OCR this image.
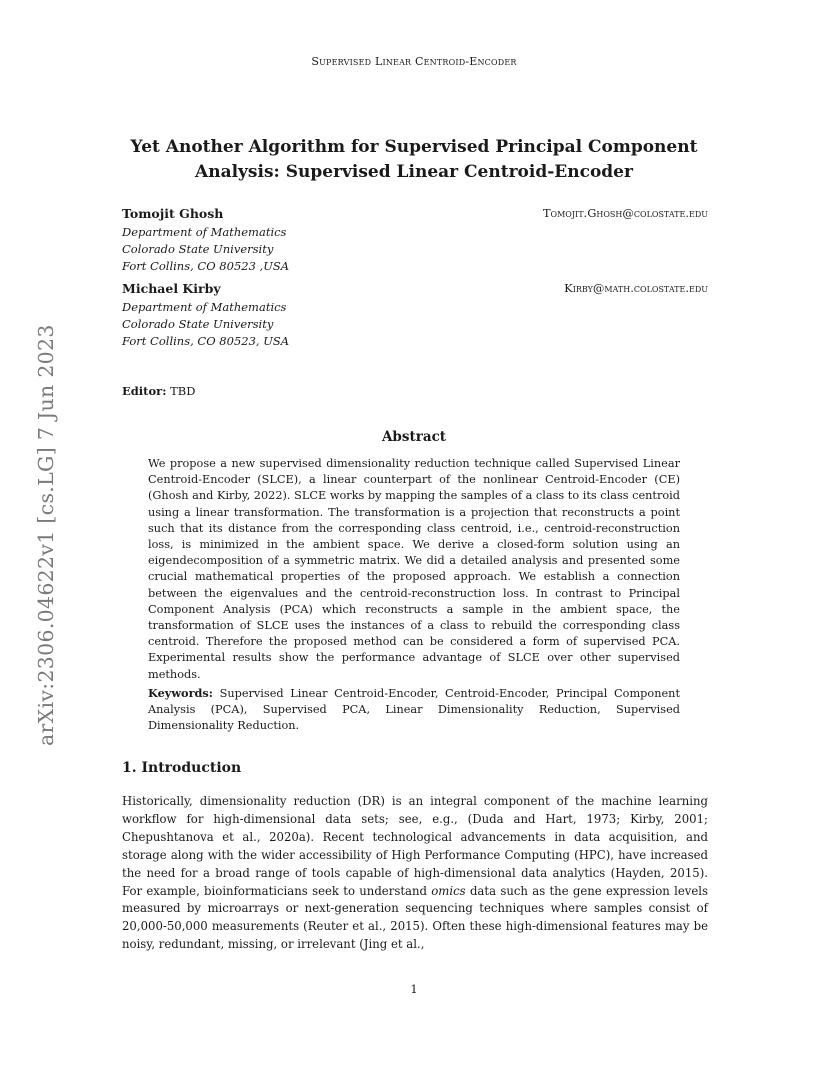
Supervised Linear Centroid-Encoder
arXiv:2306.04622v1 [cs.LG] 7 Jun 2023
Yet Another Algorithm for Supervised Principal Component Analysis: Supervised Linear Centroid-Encoder
Tomojit Ghosh	Tomojit.Ghosh@colostate.edu
Department of Mathematics
Colorado State University
Fort Collins, CO 80523 ,USA
Michael Kirby	Kirby@math.colostate.edu
Department of Mathematics
Colorado State University
Fort Collins, CO 80523, USA
Editor: TBD
Abstract

We propose a new supervised dimensionality reduction technique called Supervised Linear Centroid-Encoder (SLCE), a linear counterpart of the nonlinear Centroid-Encoder (CE) (Ghosh and Kirby, 2022). SLCE works by mapping the samples of a class to its class centroid using a linear transformation. The transformation is a projection that reconstructs a point such that its distance from the corresponding class centroid, i.e., centroid-reconstruction loss, is minimized in the ambient space. We derive a closed-form solution using an eigendecomposition of a symmetric matrix. We did a detailed analysis and presented some crucial mathematical properties of the proposed approach. We establish a connection between the eigenvalues and the centroid-reconstruction loss. In contrast to Principal Component Analysis (PCA) which reconstructs a sample in the ambient space, the transformation of SLCE uses the instances of a class to rebuild the corresponding class centroid. Therefore the proposed method can be considered a form of supervised PCA. Experimental results show the performance advantage of SLCE over other supervised methods.

Keywords: Supervised Linear Centroid-Encoder, Centroid-Encoder, Principal Component Analysis (PCA), Supervised PCA, Linear Dimensionality Reduction, Supervised Dimensionality Reduction.

1. Introduction

Historically, dimensionality reduction (DR) is an integral component of the machine learning workflow for high-dimensional data sets; see, e.g., (Duda and Hart, 1973; Kirby, 2001; Chepushtanova et al., 2020a). Recent technological advancements in data acquisition, and storage along with the wider accessibility of High Performance Computing (HPC), have increased the need for a broad range of tools capable of high-dimensional data analytics (Hayden, 2015). For example, bioinformaticians seek to understand omics data such as the gene expression levels measured by microarrays or next-generation sequencing techniques where samples consist of 20,000-50,000 measurements (Reuter et al., 2015). Often these high-dimensional features may be noisy, redundant, missing, or irrelevant (Jing et al.,

1
